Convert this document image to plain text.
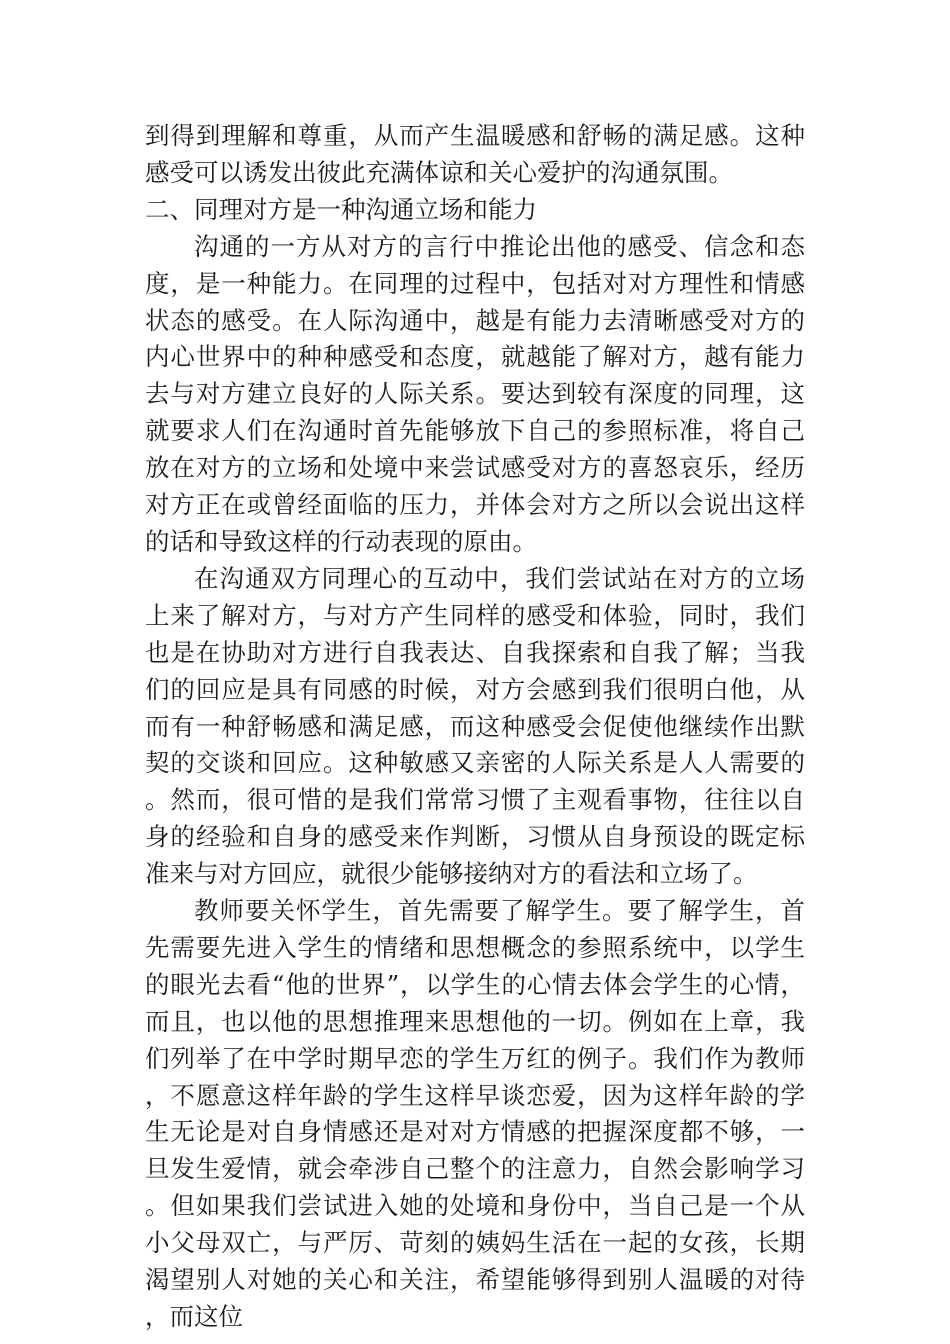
到得到理解和尊重，从而产生温暖感和舒畅的满足感。这种感受可以诱发出彼此充满体谅和关心爱护的沟通氛围。

二、同理对方是一种沟通立场和能力

沟通的一方从对方的言行中推论出他的感受、信念和态度，是一种能力。在同理的过程中，包括对对方理性和情感状态的感受。在人际沟通中，越是有能力去清晰感受对方的内心世界中的种种感受和态度，就越能了解对方，越有能力去与对方建立良好的人际关系。要达到较有深度的同理，这就要求人们在沟通时首先能够放下自己的参照标准，将自己放在对方的立场和处境中来尝试感受对方的喜怒哀乐，经历对方正在或曾经面临的压力，并体会对方之所以会说出这样的话和导致这样的行动表现的原由。

在沟通双方同理心的互动中，我们尝试站在对方的立场上来了解对方，与对方产生同样的感受和体验，同时，我们也是在协助对方进行自我表达、自我探索和自我了解；当我们的回应是具有同感的时候，对方会感到我们很明白他，从而有一种舒畅感和满足感，而这种感受会促使他继续作出默契的交谈和回应。这种敏感又亲密的人际关系是人人需要的。然而，很可惜的是我们常常习惯了主观看事物，往往以自身的经验和自身的感受来作判断，习惯从自身预设的既定标准来与对方回应，就很少能够接纳对方的看法和立场了。

教师要关怀学生，首先需要了解学生。要了解学生，首先需要先进入学生的情绪和思想概念的参照系统中，以学生的眼光去看“他的世界”，以学生的心情去体会学生的心情，而且，也以他的思想推理来思想他的一切。例如在上章，我们列举了在中学时期早恋的学生万红的例子。我们作为教师，不愿意这样年龄的学生这样早谈恋爱，因为这样年龄的学生无论是对自身情感还是对对方情感的把握深度都不够，一旦发生爱情，就会牵涉自己整个的注意力，自然会影响学习。但如果我们尝试进入她的处境和身份中，当自己是一个从小父母双亡，与严厉、苛刻的姨妈生活在一起的女孩，长期渴望别人对她的关心和关注，希望能够得到别人温暖的对待，而这位
